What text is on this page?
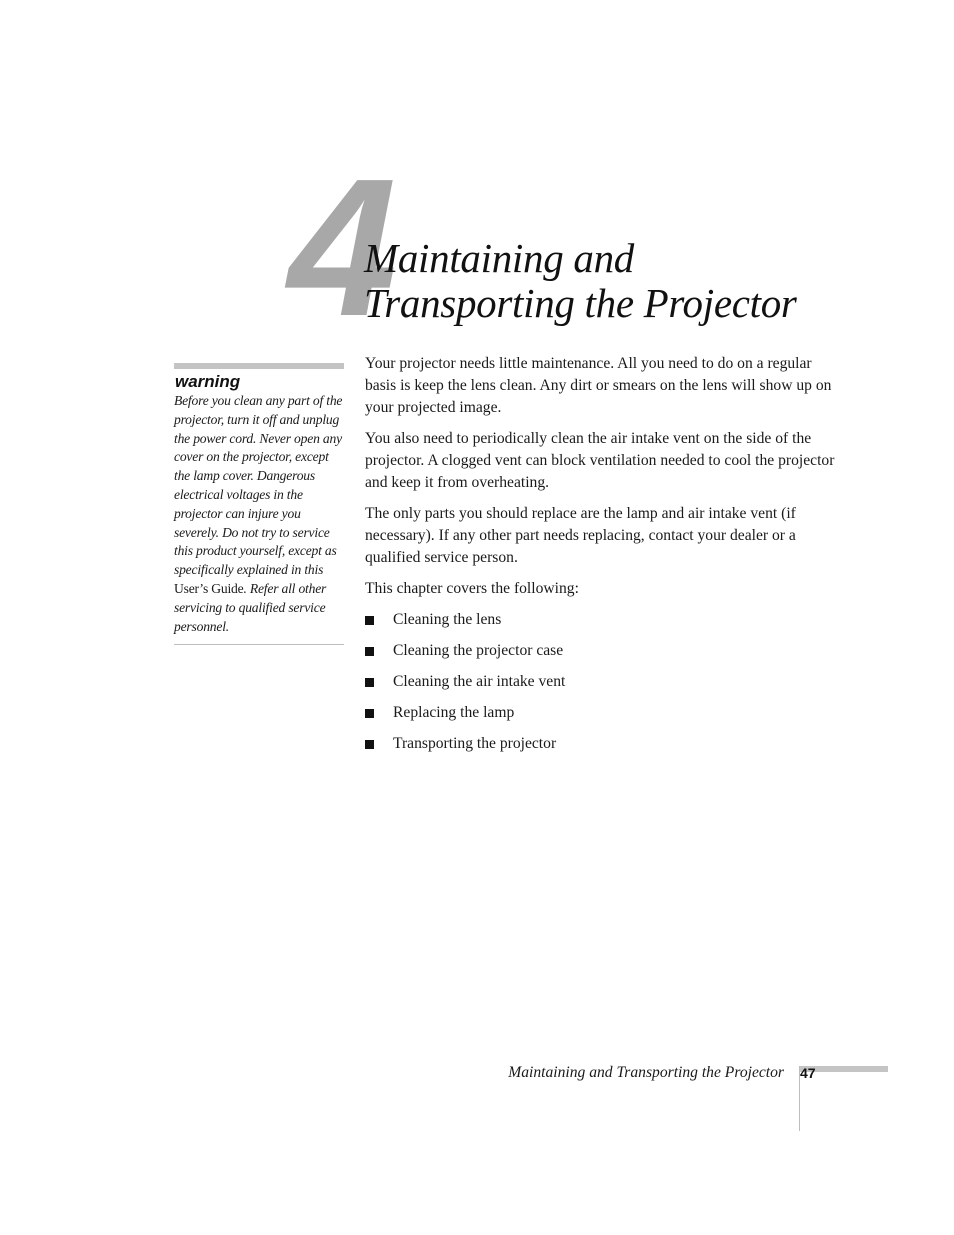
4
Maintaining and
Transporting the Projector
warning

Before you clean any part of the projector, turn it off and unplug the power cord. Never open any cover on the projector, except the lamp cover. Dangerous electrical voltages in the projector can injure you severely. Do not try to service this product yourself, except as specifically explained in this User’s Guide. Refer all other servicing to qualified service personnel.

Your projector needs little maintenance. All you need to do on a regular basis is keep the lens clean. Any dirt or smears on the lens will show up on your projected image.

You also need to periodically clean the air intake vent on the side of the projector. A clogged vent can block ventilation needed to cool the projector and keep it from overheating.

The only parts you should replace are the lamp and air intake vent (if necessary). If any other part needs replacing, contact your dealer or a qualified service person.

This chapter covers the following:

Cleaning the lens
Cleaning the projector case
Cleaning the air intake vent
Replacing the lamp
Transporting the projector
Maintaining and Transporting the Projector 47
